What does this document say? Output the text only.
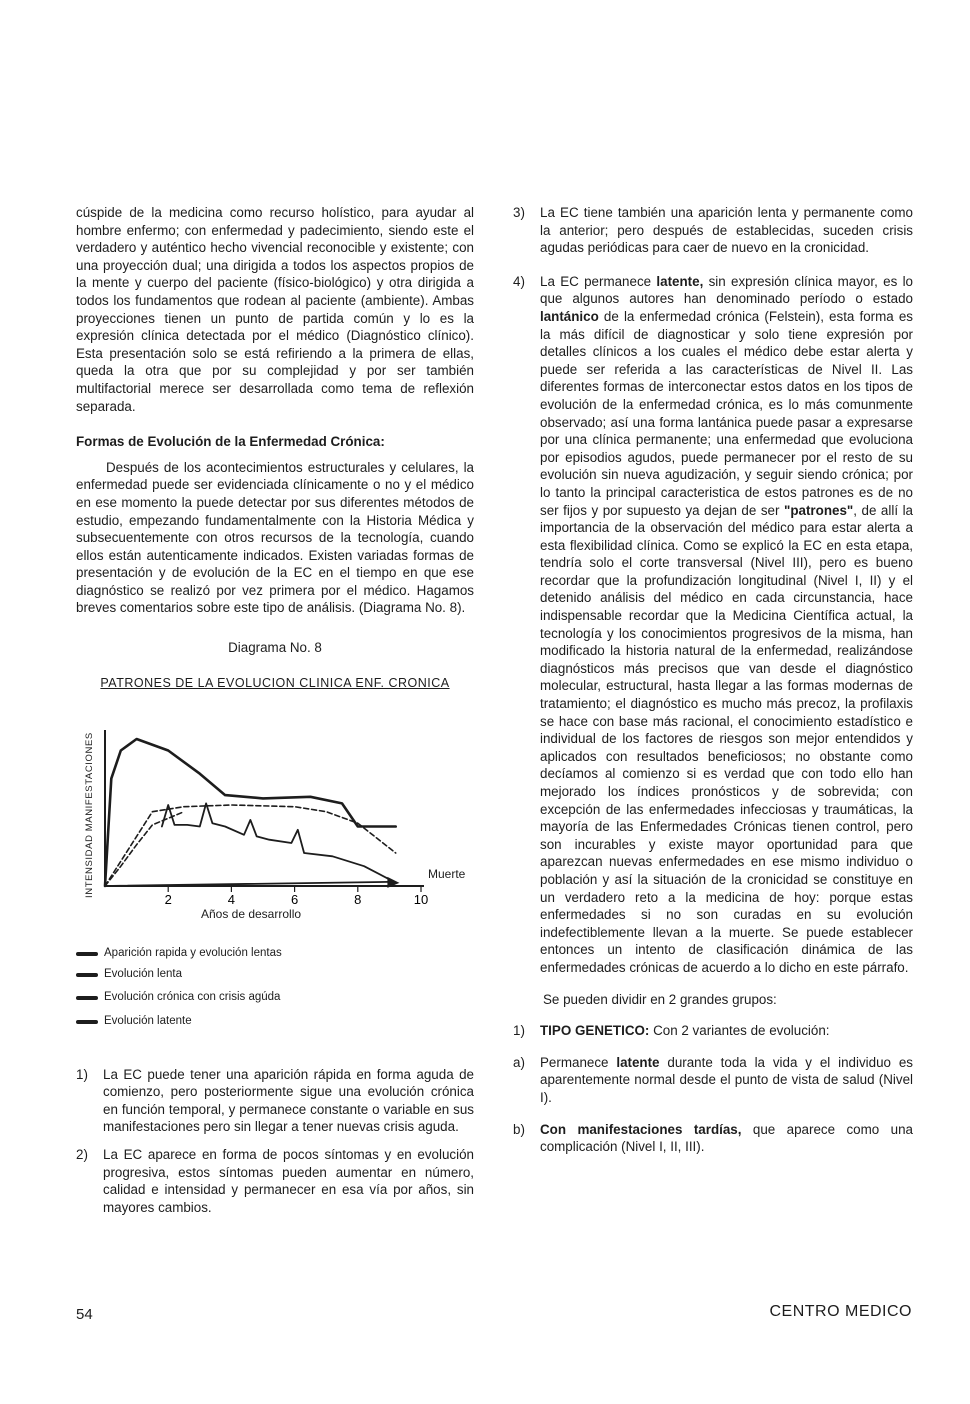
cúspide de la medicina como recurso holístico, para ayudar al hombre enfermo; con enfermedad y padecimiento, siendo este el verdadero y auténtico hecho vivencial reconocible y existente; con una proyección dual; una dirigida a todos los aspectos propios de la mente y cuerpo del paciente (físico-biológico) y otra dirigida a todos los fundamentos que rodean al paciente (ambiente). Ambas proyecciones tienen un punto de partida común y lo es la expresión clínica detectada por el médico (Diagnóstico clínico). Esta presentación solo se está refiriendo a la primera de ellas, queda la otra que por su complejidad y por ser también multifactorial merece ser desarrollada como tema de reflexión separada.

Formas de Evolución de la Enfermedad Crónica:

Después de los acontecimientos estructurales y celulares, la enfermedad puede ser evidenciada clínicamente o no y el médico en ese momento la puede detectar por sus diferentes métodos de estudio, empezando fundamentalmente con la Historia Médica y subsecuentemente con otros recursos de la tecnología, cuando ellos están autenticamente indicados. Existen variadas formas de presentación y de evolución de la EC en el tiempo en que ese diagnóstico se realizó por vez primera por el médico. Hagamos breves comentarios sobre este tipo de análisis. (Diagrama No. 8).

Diagrama No. 8

PATRONES DE LA EVOLUCION CLINICA ENF. CRONICA

INTENSIDAD MANIFESTACIONES
2	4	6	8	10
Muerte
Años de desarrollo
Aparición rapida y evolución lentas
Evolución lenta
Evolución crónica con crisis agúda
Evolución latente
1)	La EC puede tener una aparición rápida en forma aguda de comienzo, pero posteriormente sigue una evolución crónica en función temporal, y permanece constante o variable en sus manifestaciones pero sin llegar a tener nuevas crisis aguda.
2)	La EC aparece en forma de pocos síntomas y en evolución progresiva, estos síntomas pueden aumentar en número, calidad e intensidad y permanecer en esa vía por años, sin mayores cambios.
3)	La EC tiene también una aparición lenta y permanente como la anterior; pero después de establecidas, suceden crisis agudas periódicas para caer de nuevo en la cronicidad.
4)	La EC permanece latente, sin expresión clínica mayor, es lo que algunos autores han denominado período o estado lantánico de la enfermedad crónica (Felstein), esta forma es la más difícil de diagnosticar y solo tiene expresión por detalles clínicos a los cuales el médico debe estar alerta y puede ser referida a las características de Nivel II. Las diferentes formas de interconectar estos datos en los tipos de evolución de la enfermedad crónica, es lo más comunmente observado; así una forma lantánica puede pasar a expresarse por una clínica permanente; una enfermedad que evoluciona por episodios agudos, puede permanecer por el resto de su evolución sin nueva agudización, y seguir siendo crónica; por lo tanto la principal caracteristica de estos patrones es de no ser fijos y por supuesto ya dejan de ser "patrones", de allí la importancia de la observación del médico para estar alerta a esta flexibilidad clínica. Como se explicó la EC en esta etapa, tendría solo el corte transversal (Nivel III), pero es bueno recordar que la profundización longitudinal (Nivel I, II) y el detenido análisis del médico en cada circunstancia, hace indispensable recordar que la Medicina Científica actual, la tecnología y los conocimientos progresivos de la misma, han modificado la historia natural de la enfermedad, realizándose diagnósticos más precisos que van desde el diagnóstico molecular, estructural, hasta llegar a las formas modernas de tratamiento; el diagnóstico es mucho más precoz, la profilaxis se hace con base más racional, el conocimiento estadístico e individual de los factores de riesgos son mejor entendidos y aplicados con resultados beneficiosos; no obstante como decíamos al comienzo si es verdad que con todo ello han mejorado los índices pronósticos y de sobrevida; con excepción de las enfermedades infecciosas y traumáticas, la mayoría de las Enfermedades Crónicas tienen control, pero son incurables y existe mayor oportunidad para que aparezcan nuevas enfermedades en ese mismo individuo o población y así la situación de la cronicidad se constituye en un verdadero reto a la medicina de hoy: porque estas enfermedades si no son curadas en su evolución indefectiblemente llevan a la muerte. Se puede establecer entonces un intento de clasificación dinámica de las enfermedades crónicas de acuerdo a lo dicho en este párrafo.

Se pueden dividir en 2 grandes grupos:

1)	TIPO GENETICO: Con 2 variantes de evolución:
a)	Permanece latente durante toda la vida y el individuo es aparentemente normal desde el punto de vista de salud (Nivel I).
b)	Con manifestaciones tardías, que aparece como una complicación (Nivel I, II, III).
54	CENTRO MEDICO
